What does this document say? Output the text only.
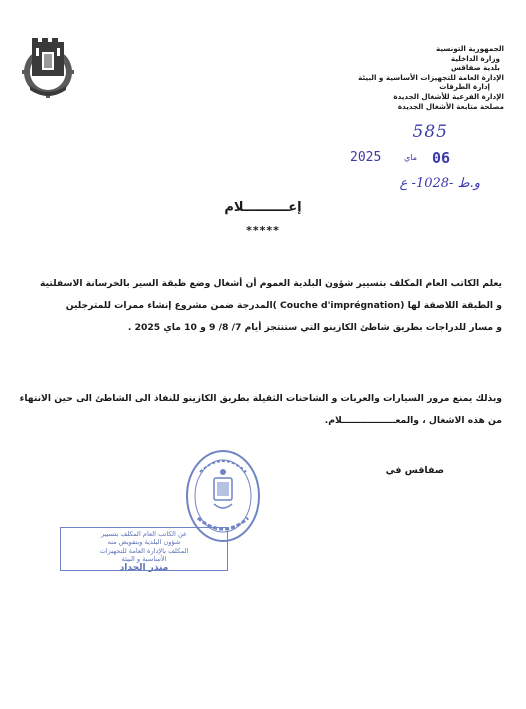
الجمهورية التونسية
وزارة الداخلية
بلدية صفاقس
الإدارة العامة للتجهيزات الأساسية و البيئة
إدارة الطرقات
الإدارة الفرعية للأشغال الجديدة
مصلحة متابعة الأشغال الجديدة
585
2025	ماي 06
و.ط -1028- ع
إعــــــــــلام
*****
يعلم الكاتب العام المكلف بتسيير شؤون البلدية العموم أن أشغال وضع طبقة السير بالخرسانة الاسفلتية
و الطبقة اللاصقة لها (Couche d'imprégnation )المدرجة ضمن مشروع إنشاء ممرات للمترجلين
و مسار للدراجات بطريق شاطئ الكازينو التي ستنتجز أيام 7/ 8/ 9 و 10 ماي 2025 .
وبذلك يمنع مرور السيارات والعربات و الشاحنات الثقيلة بطريق الكازينو للنفاذ الى الشاطئ الى حين الانتهاء
من هذه الاشغال ، والمعـــــــــــــــــلام.
صفاقس في
عن الكاتب العام المكلف بتسيير
شؤون البلدية وبتفويض منه
المكلف بالإدارة العامة للتجهيزات
الأساسية و البيئة
منذر الحداد
